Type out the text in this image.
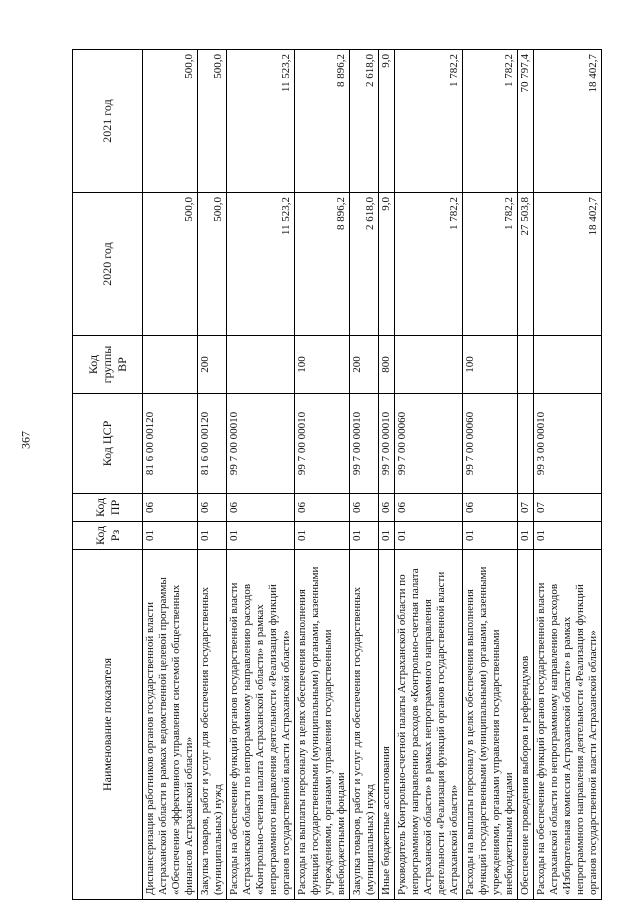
367
Наименование показателя	Код Рз	Код ПР	Код ЦСР	Код группы ВР	2020 год	2021 год
Диспансеризация работников органов государственной власти Астраханской области в рамках ведомственной целевой программы «Обеспечение эффективного управления системой общественных финансов Астраханской области»	01	06	81 6 00 00120		500,0	500,0
Закупка товаров, работ и услуг для обеспечения государственных (муниципальных) нужд	01	06	81 6 00 00120	200	500,0	500,0
Расходы на обеспечение функций органов государственной власти Астраханской области по непрограммному направлению расходов «Контрольно-счетная палата Астраханской области» в рамках непрограммного направления деятельности «Реализация функций органов государственной власти Астраханской области»	01	06	99 7 00 00010		11 523,2	11 523,2
Расходы на выплаты персоналу в целях обеспечения выполнения функций государственными (муниципальными) органами, казенными учреждениями, органами управления государственными внебюджетными фондами	01	06	99 7 00 00010	100	8 896,2	8 896,2
Закупка товаров, работ и услуг для обеспечения государственных (муниципальных) нужд	01	06	99 7 00 00010	200	2 618,0	2 618,0
Иные бюджетные ассигнования	01	06	99 7 00 00010	800	9,0	9,0
Руководитель Контрольно-счетной палаты Астраханской области по непрограммному направлению расходов «Контрольно-счетная палата Астраханской области» в рамках непрограммного направления деятельности «Реализация функций органов государственной власти Астраханской области»	01	06	99 7 00 00060		1 782,2	1 782,2
Расходы на выплаты персоналу в целях обеспечения выполнения функций государственными (муниципальными) органами, казенными учреждениями, органами управления государственными внебюджетными фондами	01	06	99 7 00 00060	100	1 782,2	1 782,2
Обеспечение проведения выборов и референдумов	01	07			27 503,8	70 797,4
Расходы на обеспечение функций органов государственной власти Астраханской области по непрограммному направлению расходов «Избирательная комиссия Астраханской области» в рамках непрограммного направления деятельности «Реализация функций органов государственной власти Астраханской области»	01	07	99 3 00 00010		18 402,7	18 402,7
